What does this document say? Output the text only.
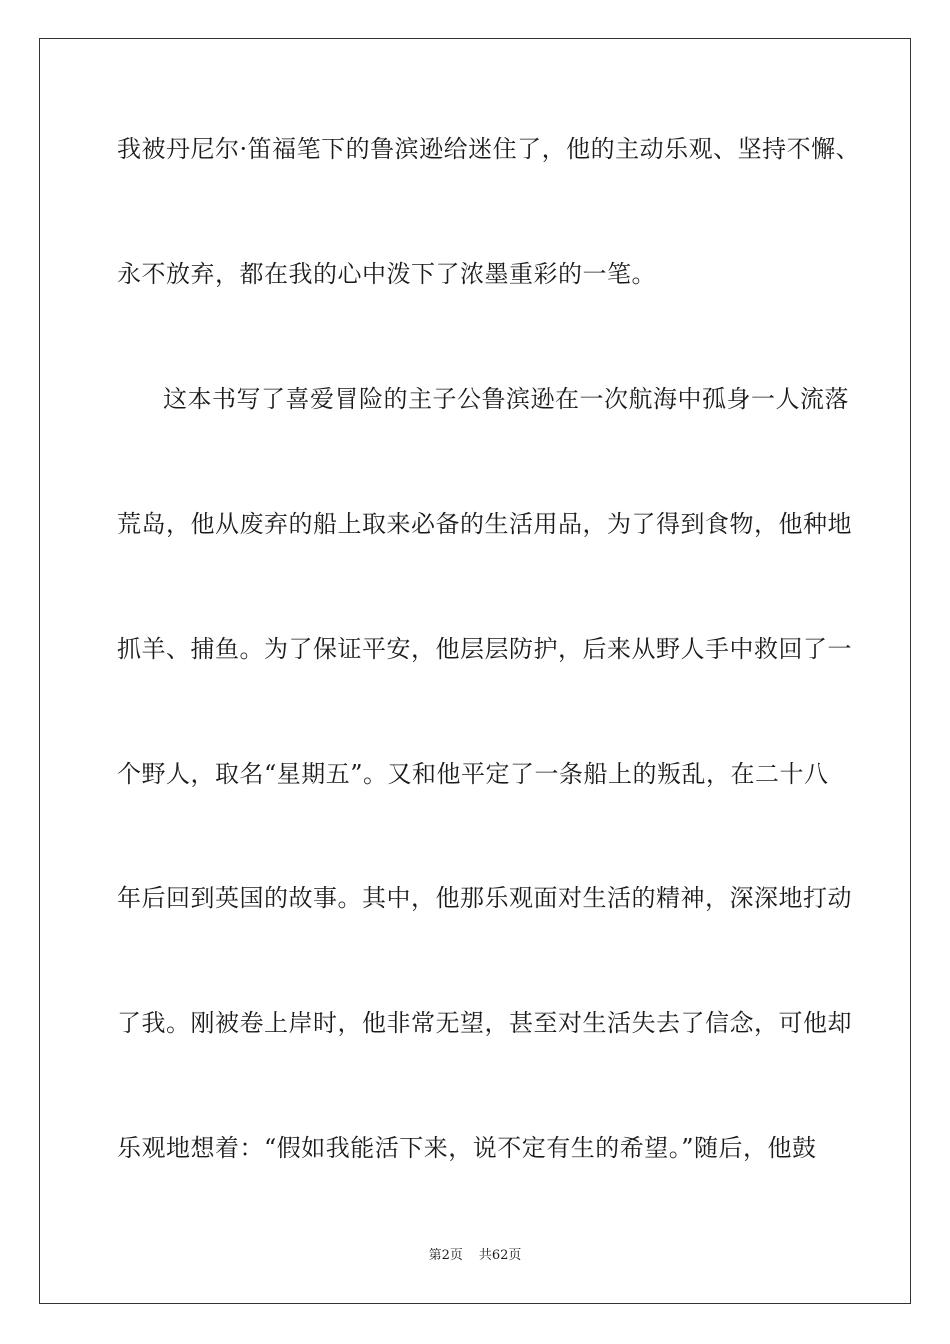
我被丹尼尔·笛福笔下的鲁滨逊给迷住了，他的主动乐观、坚持不懈、
永不放弃，都在我的心中泼下了浓墨重彩的一笔。
这本书写了喜爱冒险的主子公鲁滨逊在一次航海中孤身一人流落
荒岛，他从废弃的船上取来必备的生活用品，为了得到食物，他种地
抓羊、捕鱼。为了保证平安，他层层防护，后来从野人手中救回了一
个野人，取名“星期五”。又和他平定了一条船上的叛乱，在二十八
年后回到英国的故事。其中，他那乐观面对生活的精神，深深地打动
了我。刚被卷上岸时，他非常无望，甚至对生活失去了信念，可他却
乐观地想着：“假如我能活下来，说不定有生的希望。”随后，他鼓
第2页 共62页
